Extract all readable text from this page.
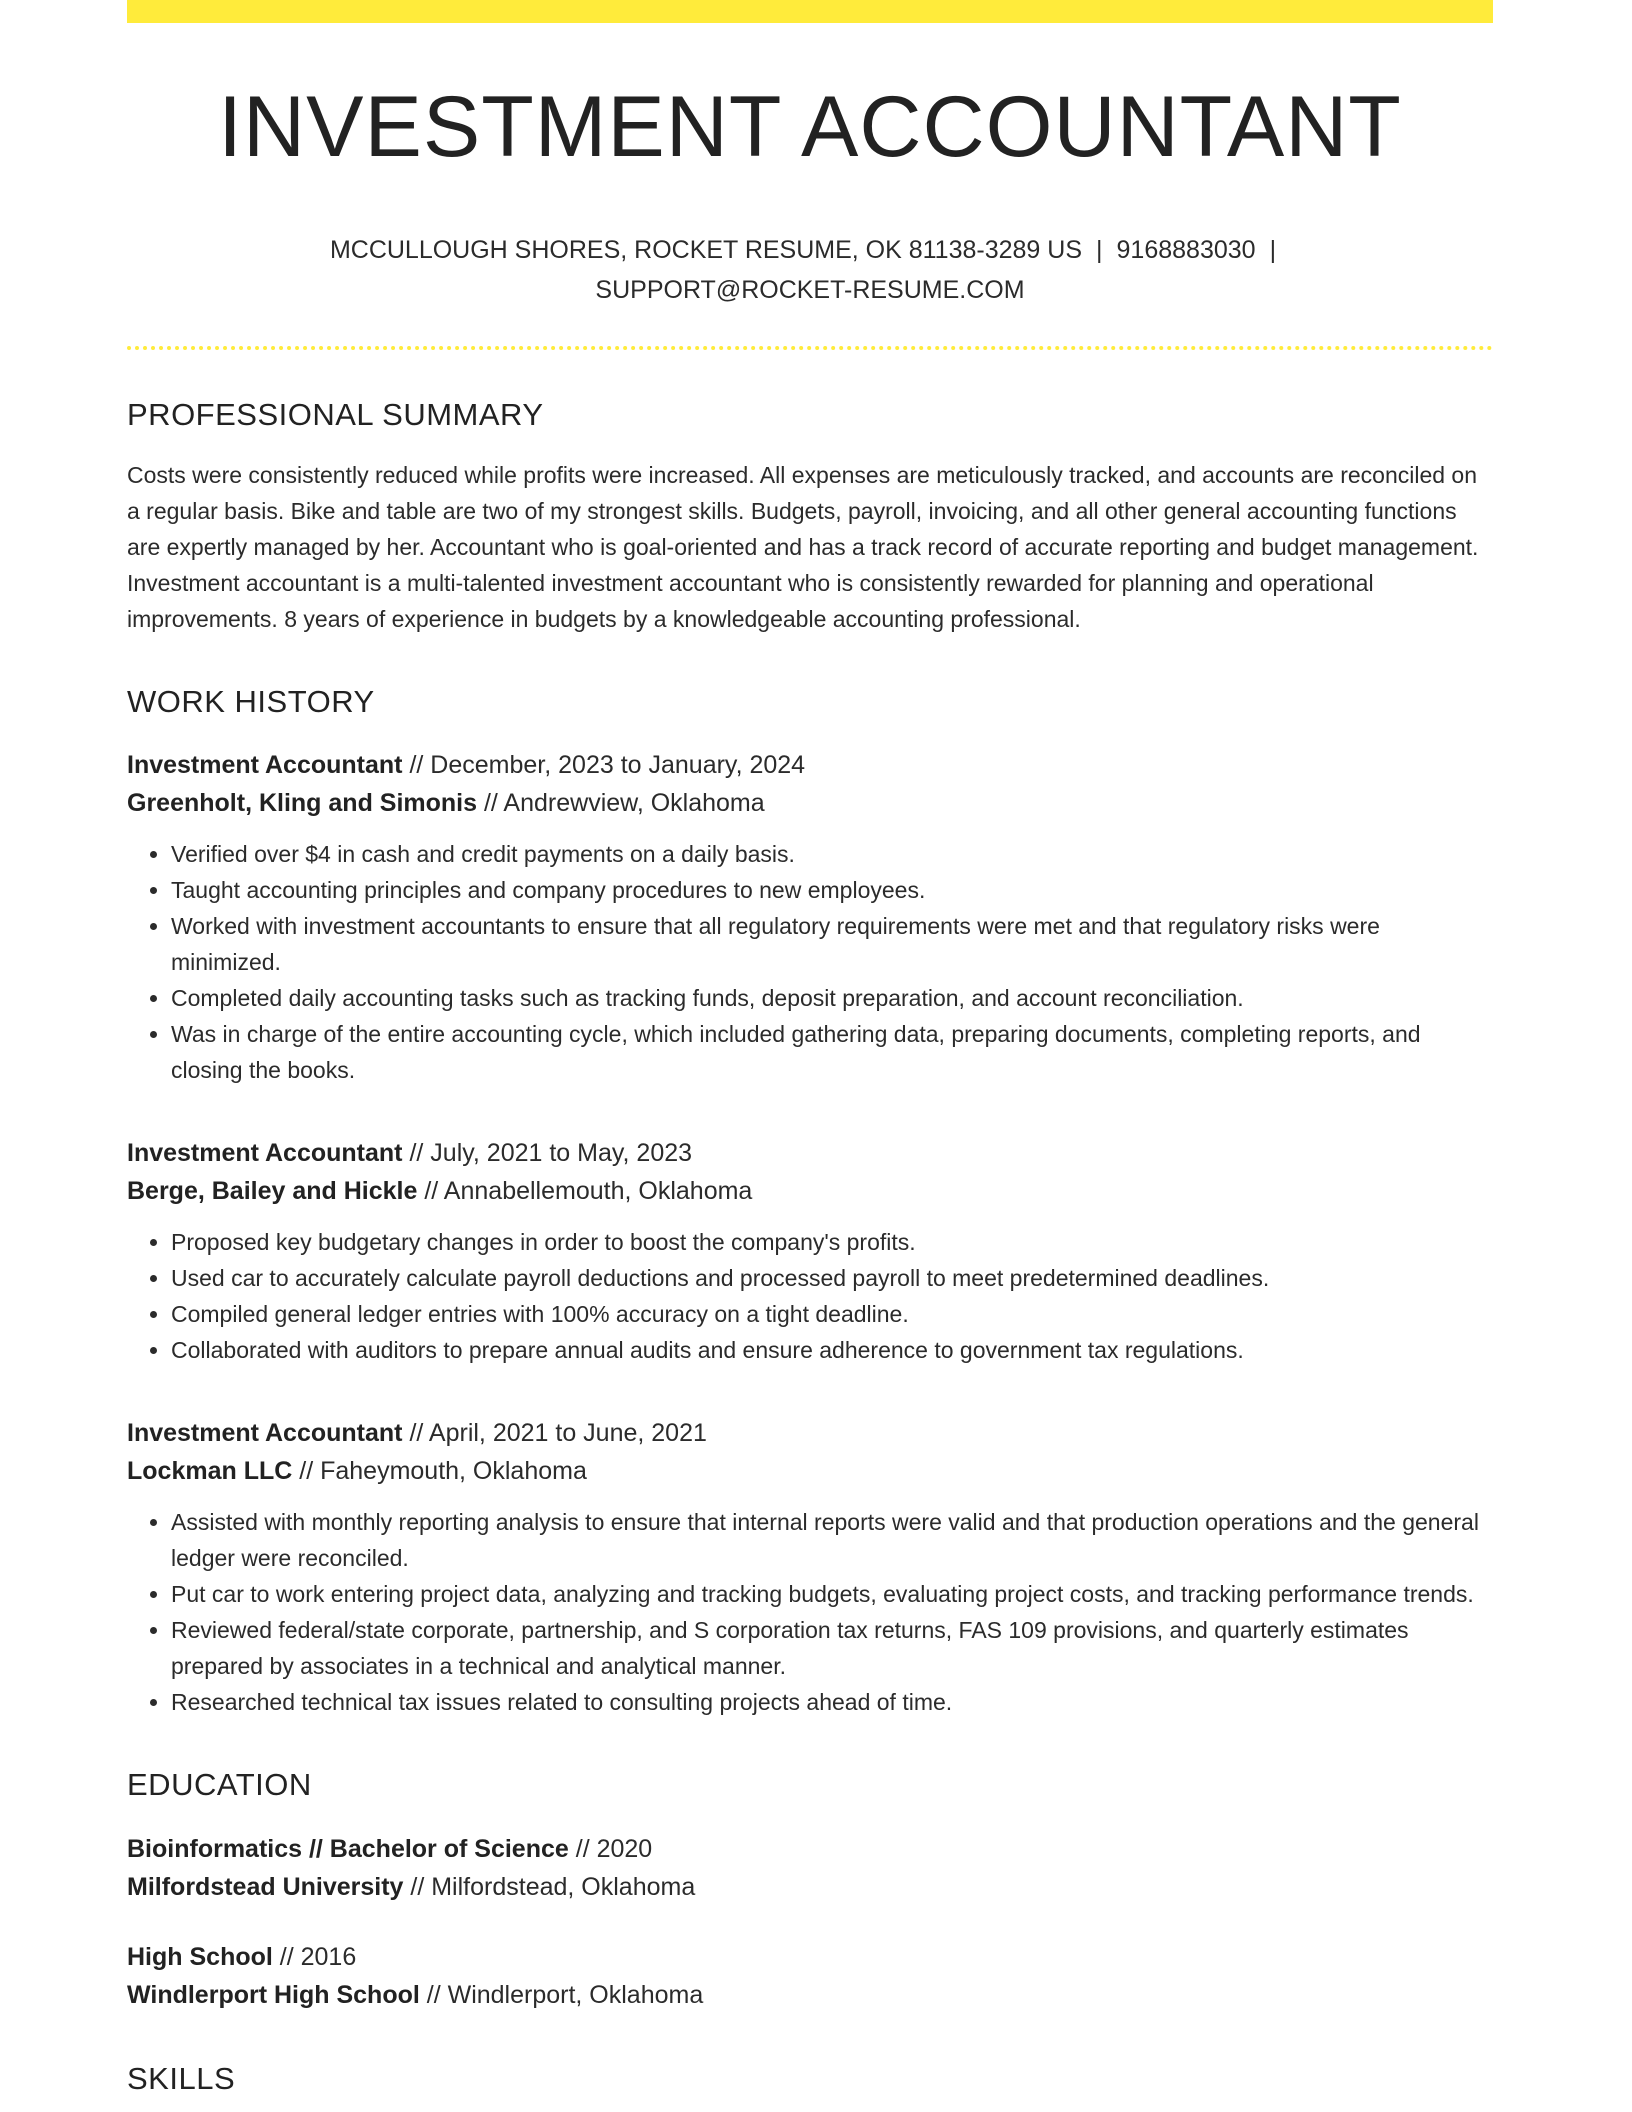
INVESTMENT ACCOUNTANT
MCCULLOUGH SHORES, ROCKET RESUME, OK 81138-3289 US | 9168883030 |
SUPPORT@ROCKET-RESUME.COM
PROFESSIONAL SUMMARY

Costs were consistently reduced while profits were increased. All expenses are meticulously tracked, and accounts are reconciled on a regular basis. Bike and table are two of my strongest skills. Budgets, payroll, invoicing, and all other general accounting functions are expertly managed by her. Accountant who is goal-oriented and has a track record of accurate reporting and budget management. Investment accountant is a multi-talented investment accountant who is consistently rewarded for planning and operational improvements. 8 years of experience in budgets by a knowledgeable accounting professional.

WORK HISTORY
Investment Accountant // December, 2023 to January, 2024
Greenholt, Kling and Simonis // Andrewview, Oklahoma
• Verified over $4 in cash and credit payments on a daily basis.
• Taught accounting principles and company procedures to new employees.
• Worked with investment accountants to ensure that all regulatory requirements were met and that regulatory risks were minimized.
• Completed daily accounting tasks such as tracking funds, deposit preparation, and account reconciliation.
• Was in charge of the entire accounting cycle, which included gathering data, preparing documents, completing reports, and closing the books.
Investment Accountant // July, 2021 to May, 2023
Berge, Bailey and Hickle // Annabellemouth, Oklahoma
• Proposed key budgetary changes in order to boost the company's profits.
• Used car to accurately calculate payroll deductions and processed payroll to meet predetermined deadlines.
• Compiled general ledger entries with 100% accuracy on a tight deadline.
• Collaborated with auditors to prepare annual audits and ensure adherence to government tax regulations.
Investment Accountant // April, 2021 to June, 2021
Lockman LLC // Faheymouth, Oklahoma
• Assisted with monthly reporting analysis to ensure that internal reports were valid and that production operations and the general ledger were reconciled.
• Put car to work entering project data, analyzing and tracking budgets, evaluating project costs, and tracking performance trends.
• Reviewed federal/state corporate, partnership, and S corporation tax returns, FAS 109 provisions, and quarterly estimates prepared by associates in a technical and analytical manner.
• Researched technical tax issues related to consulting projects ahead of time.
EDUCATION
Bioinformatics // Bachelor of Science // 2020
Milfordstead University // Milfordstead, Oklahoma
High School // 2016
Windlerport High School // Windlerport, Oklahoma
SKILLS
